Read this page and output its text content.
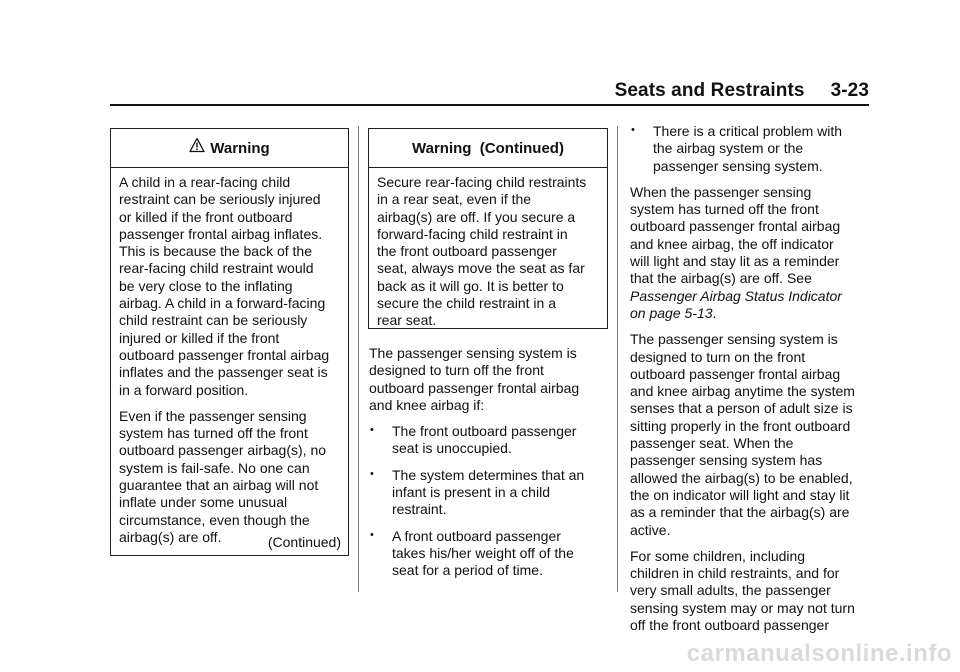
Seats and Restraints 3-23
Warning

A child in a rear-facing child
restraint can be seriously injured
or killed if the front outboard
passenger frontal airbag inflates.
This is because the back of the
rear-facing child restraint would
be very close to the inflating
airbag. A child in a forward-facing
child restraint can be seriously
injured or killed if the front
outboard passenger frontal airbag
inflates and the passenger seat is
in a forward position.

Even if the passenger sensing
system has turned off the front
outboard passenger airbag(s), no
system is fail-safe. No one can
guarantee that an airbag will not
inflate under some unusual
circumstance, even though the
airbag(s) are off.	(Continued)
Warning  (Continued)

Secure rear-facing child restraints
in a rear seat, even if the
airbag(s) are off. If you secure a
forward-facing child restraint in
the front outboard passenger
seat, always move the seat as far
back as it will go. It is better to
secure the child restraint in a
rear seat.

The passenger sensing system is
designed to turn off the front
outboard passenger frontal airbag
and knee airbag if:

• The front outboard passenger
seat is unoccupied.
• The system determines that an
infant is present in a child
restraint.
• A front outboard passenger
takes his/her weight off of the
seat for a period of time.
• There is a critical problem with
the airbag system or the
passenger sensing system.

When the passenger sensing
system has turned off the front
outboard passenger frontal airbag
and knee airbag, the off indicator
will light and stay lit as a reminder
that the airbag(s) are off. See
Passenger Airbag Status Indicator
on page 5-13.

The passenger sensing system is
designed to turn on the front
outboard passenger frontal airbag
and knee airbag anytime the system
senses that a person of adult size is
sitting properly in the front outboard
passenger seat. When the
passenger sensing system has
allowed the airbag(s) to be enabled,
the on indicator will light and stay lit
as a reminder that the airbag(s) are
active.

For some children, including
children in child restraints, and for
very small adults, the passenger
sensing system may or may not turn
off the front outboard passenger

carmanualsonline.info
